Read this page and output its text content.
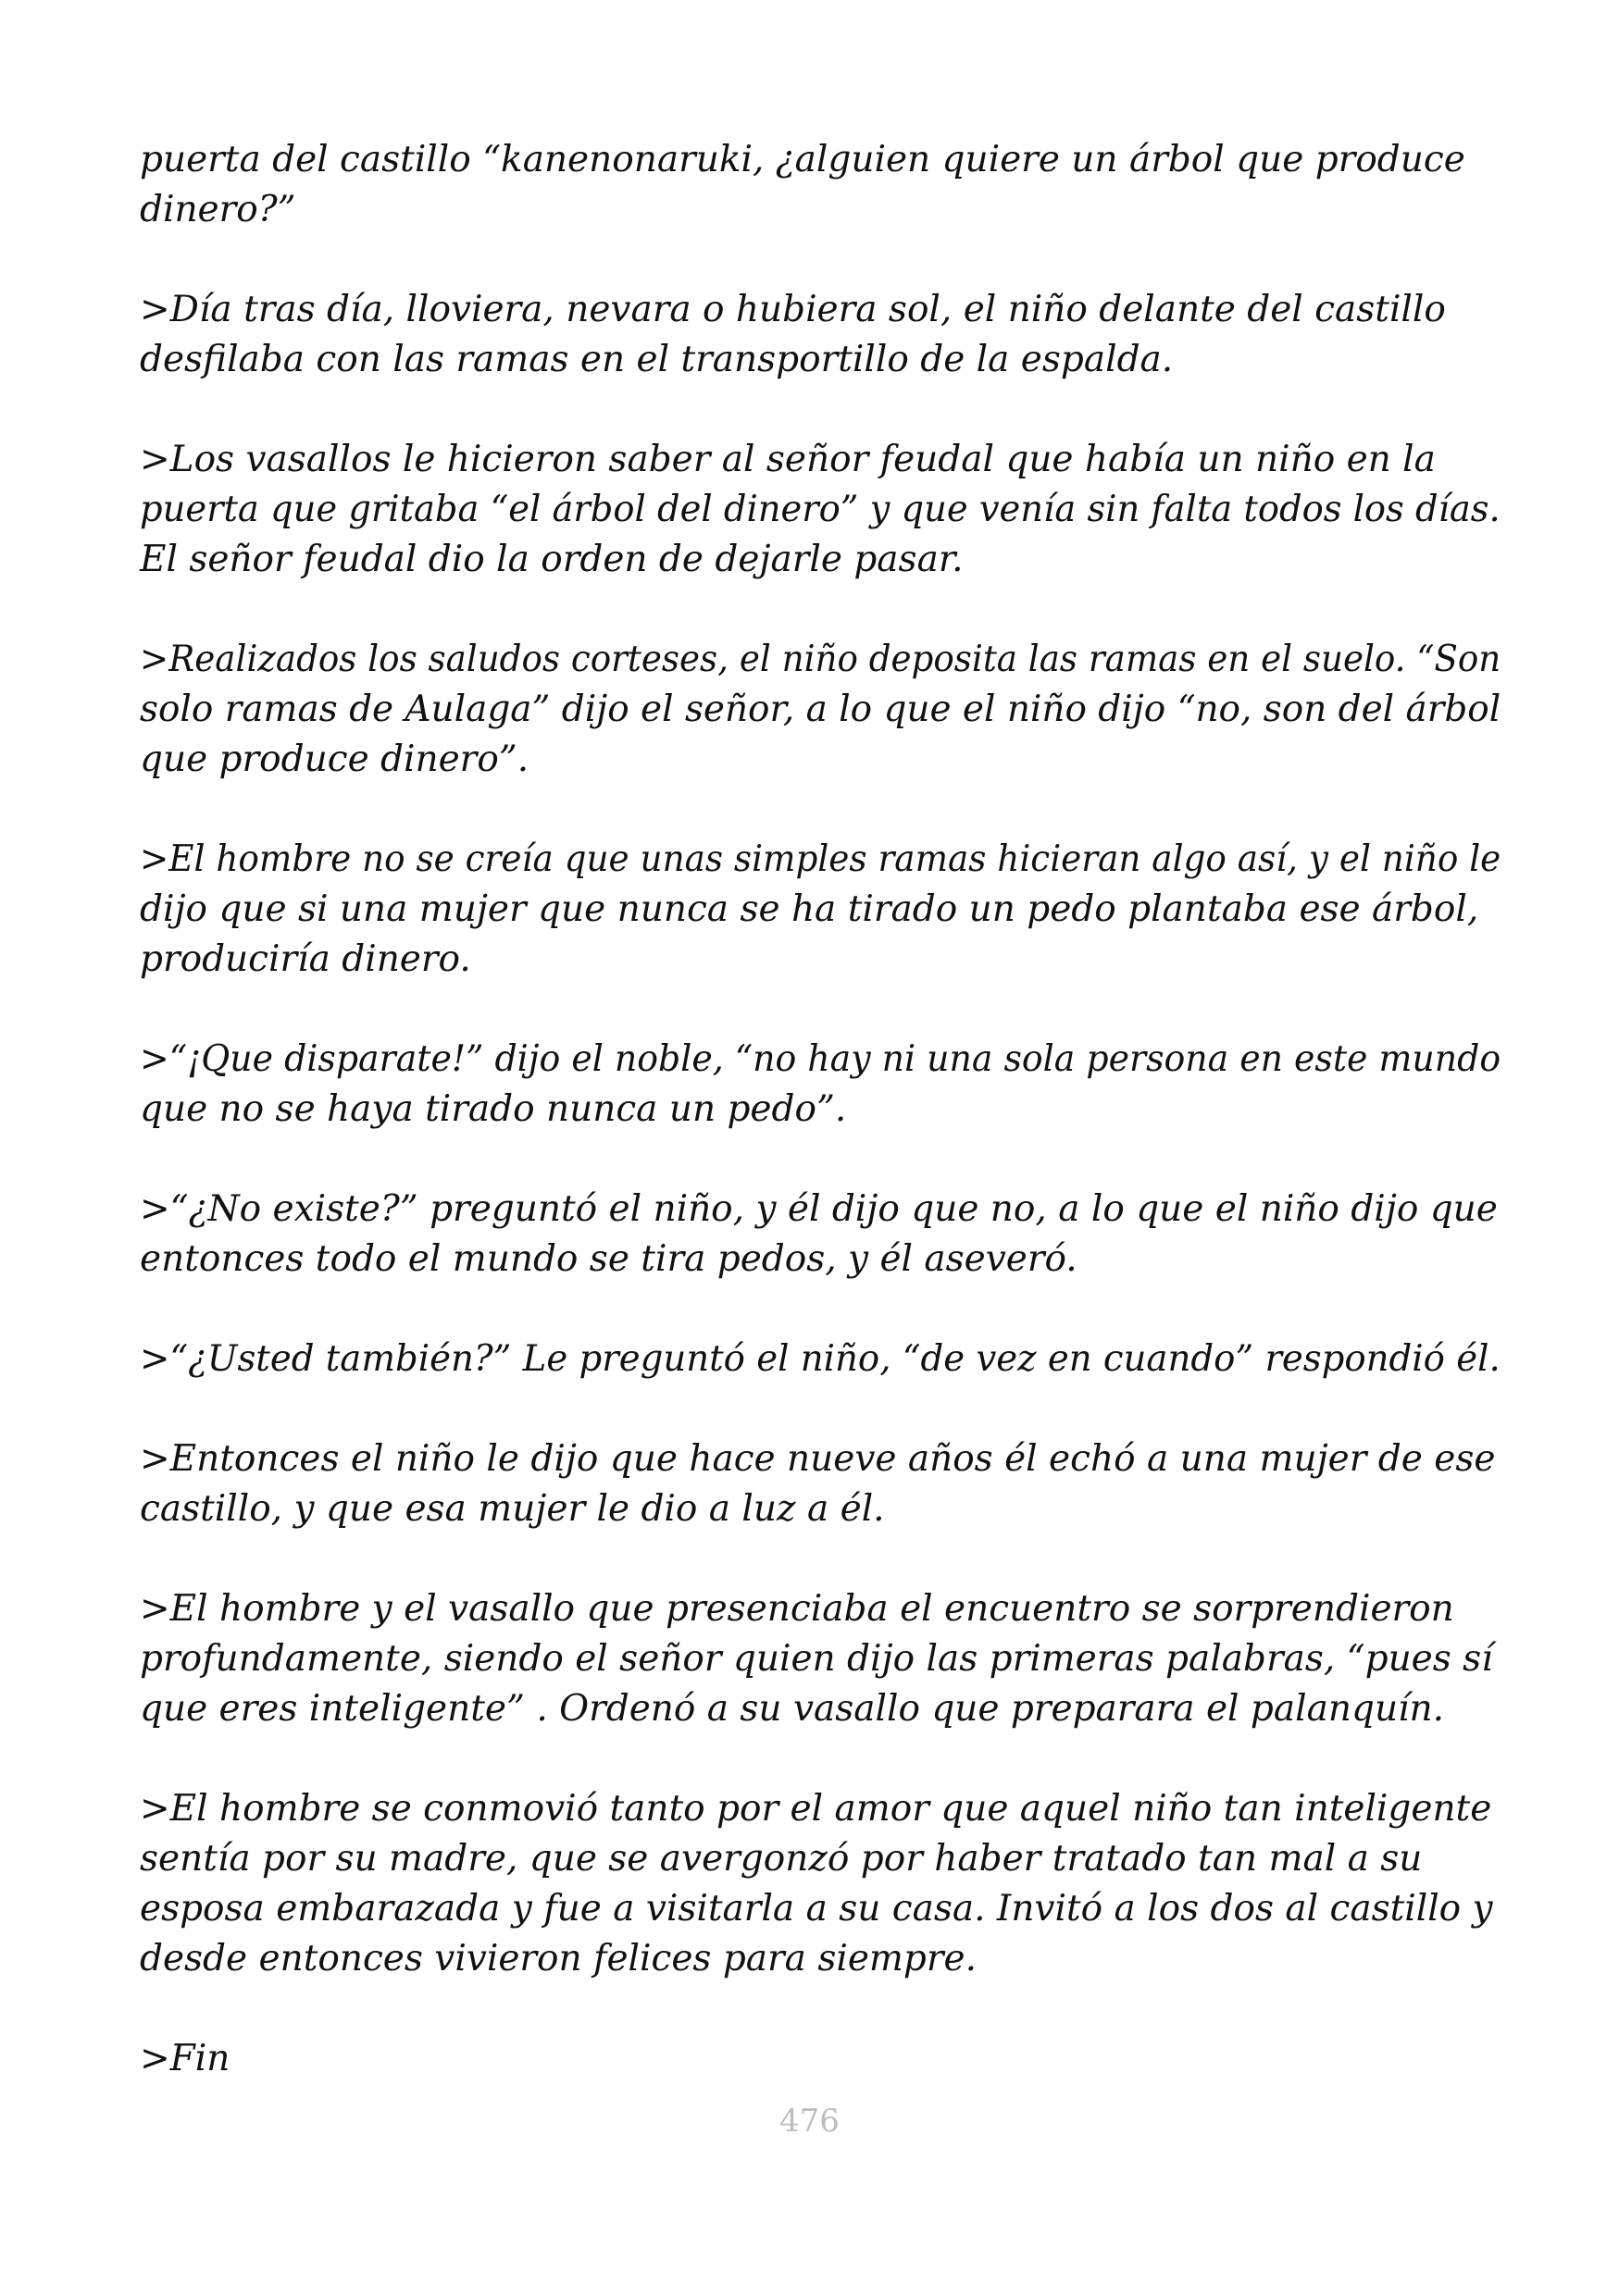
puerta del castillo “kanenonaruki, ¿alguien quiere un árbol que produce
dinero?”

>Día tras día, lloviera, nevara o hubiera sol, el niño delante del castillo
desfilaba con las ramas en el transportillo de la espalda.

>Los vasallos le hicieron saber al señor feudal que había un niño en la
puerta que gritaba “el árbol del dinero” y que venía sin falta todos los días.
El señor feudal dio la orden de dejarle pasar.

>Realizados los saludos corteses, el niño deposita las ramas en el suelo. “Son
solo ramas de Aulaga” dijo el señor, a lo que el niño dijo “no, son del árbol
que produce dinero”.

>El hombre no se creía que unas simples ramas hicieran algo así, y el niño le
dijo que si una mujer que nunca se ha tirado un pedo plantaba ese árbol,
produciría dinero.

>“¡Que disparate!” dijo el noble, “no hay ni una sola persona en este mundo
que no se haya tirado nunca un pedo”.

>“¿No existe?” preguntó el niño, y él dijo que no, a lo que el niño dijo que
entonces todo el mundo se tira pedos, y él aseveró.

>“¿Usted también?” Le preguntó el niño, “de vez en cuando” respondió él.

>Entonces el niño le dijo que hace nueve años él echó a una mujer de ese
castillo, y que esa mujer le dio a luz a él.

>El hombre y el vasallo que presenciaba el encuentro se sorprendieron
profundamente, siendo el señor quien dijo las primeras palabras, “pues sí
que eres inteligente” . Ordenó a su vasallo que preparara el palanquín.

>El hombre se conmovió tanto por el amor que aquel niño tan inteligente
sentía por su madre, que se avergonzó por haber tratado tan mal a su
esposa embarazada y fue a visitarla a su casa. Invitó a los dos al castillo y
desde entonces vivieron felices para siempre.

>Fin

476
